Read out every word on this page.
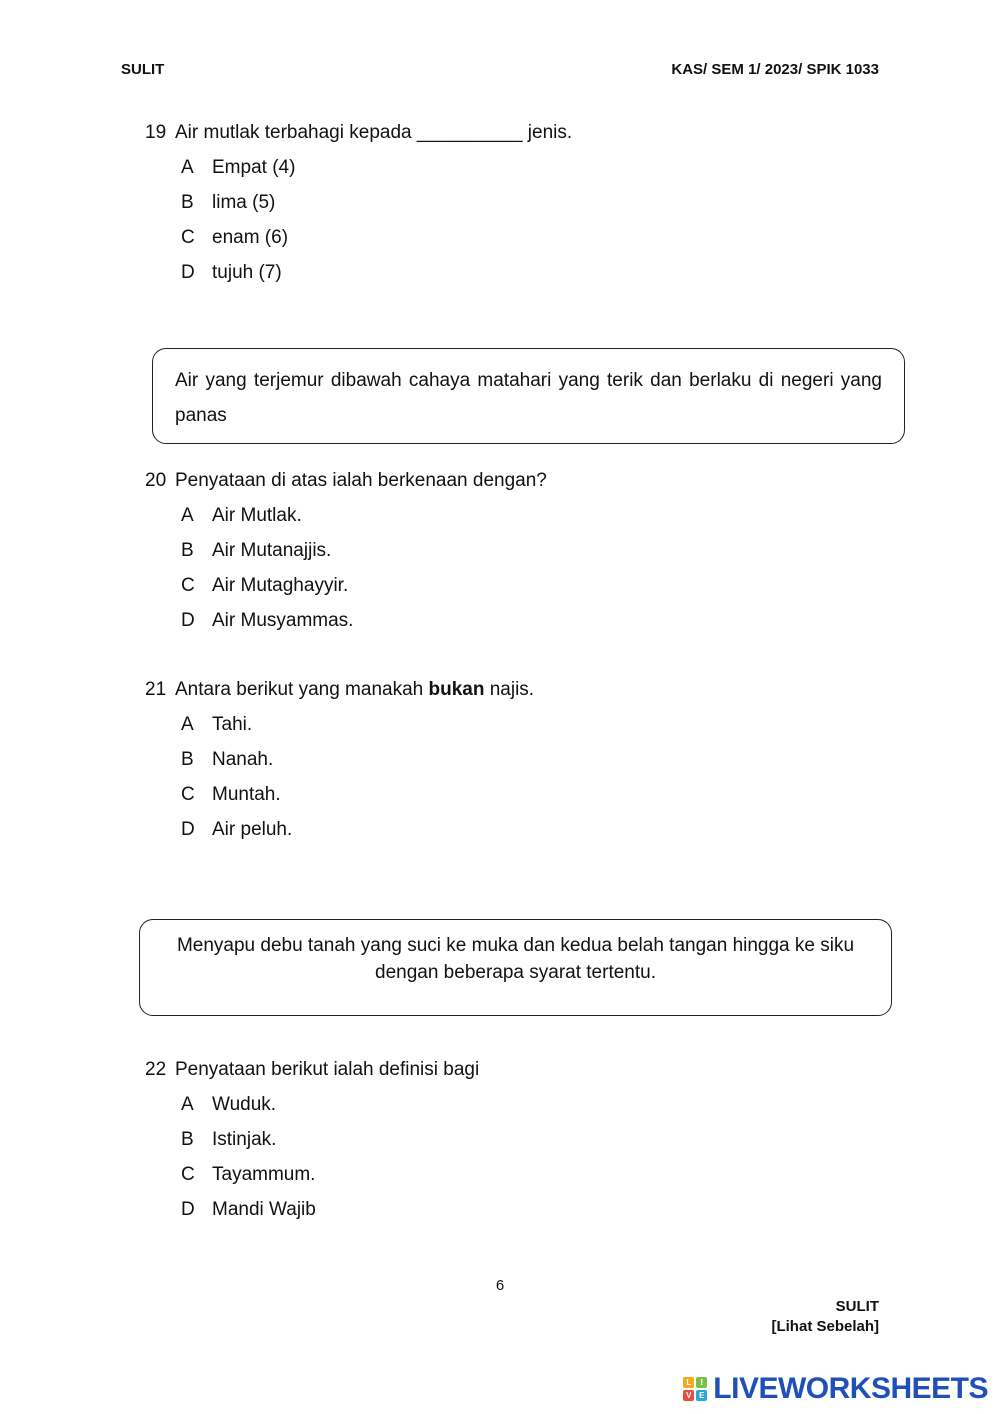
SULIT	KAS/ SEM 1/ 2023/ SPIK 1033
19 Air mutlak terbahagi kepada __________ jenis.
A Empat (4)
B lima (5)
C enam (6)
D tujuh (7)
Air yang terjemur dibawah cahaya matahari yang terik dan berlaku di negeri yang panas
20 Penyataan di atas ialah berkenaan dengan?
A Air Mutlak.
B Air Mutanajjis.
C Air Mutaghayyir.
D Air Musyammas.
21 Antara berikut yang manakah bukan najis.
A Tahi.
B Nanah.
C Muntah.
D Air peluh.
Menyapu debu tanah yang suci ke muka dan kedua belah tangan hingga ke siku dengan beberapa syarat tertentu.
22 Penyataan berikut ialah definisi bagi
A Wuduk.
B Istinjak.
C Tayammum.
D Mandi Wajib
6
SULIT
[Lihat Sebelah]
L	I
V E LIVEWORKSHEETS
